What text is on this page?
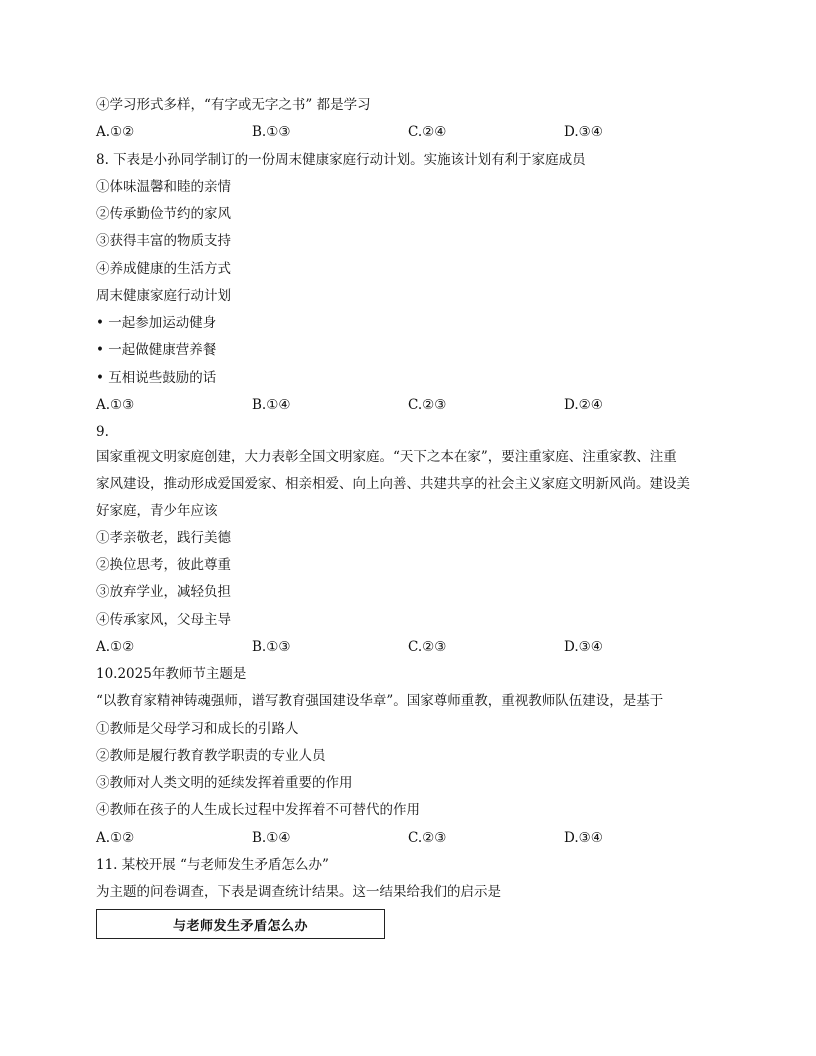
④学习形式多样，“有字或无字之书” 都是学习
A.①②	B.①③	C.②④	D.③④
8. 下表是小孙同学制订的一份周末健康家庭行动计划。实施该计划有利于家庭成员
①体味温馨和睦的亲情
②传承勤俭节约的家风
③获得丰富的物质支持
④养成健康的生活方式
周末健康家庭行动计划
• 一起参加运动健身
• 一起做健康营养餐
• 互相说些鼓励的话
A.①③	B.①④	C.②③	D.②④
9.
国家重视文明家庭创建，大力表彰全国文明家庭。“天下之本在家”，要注重家庭、注重家教、注重
家风建设，推动形成爱国爱家、相亲相爱、向上向善、共建共享的社会主义家庭文明新风尚。建设美
好家庭，青少年应该
①孝亲敬老，践行美德
②换位思考，彼此尊重
③放弃学业，减轻负担
④传承家风，父母主导
A.①②	B.①③	C.②③	D.③④
10.2025年教师节主题是
“以教育家精神铸魂强师，谱写教育强国建设华章”。国家尊师重教，重视教师队伍建设，是基于
①教师是父母学习和成长的引路人
②教师是履行教育教学职责的专业人员
③教师对人类文明的延续发挥着重要的作用
④教师在孩子的人生成长过程中发挥着不可替代的作用
A.①②	B.①④	C.②③	D.③④
11. 某校开展 “与老师发生矛盾怎么办”
为主题的问卷调查，下表是调查统计结果。这一结果给我们的启示是
与老师发生矛盾怎么办
